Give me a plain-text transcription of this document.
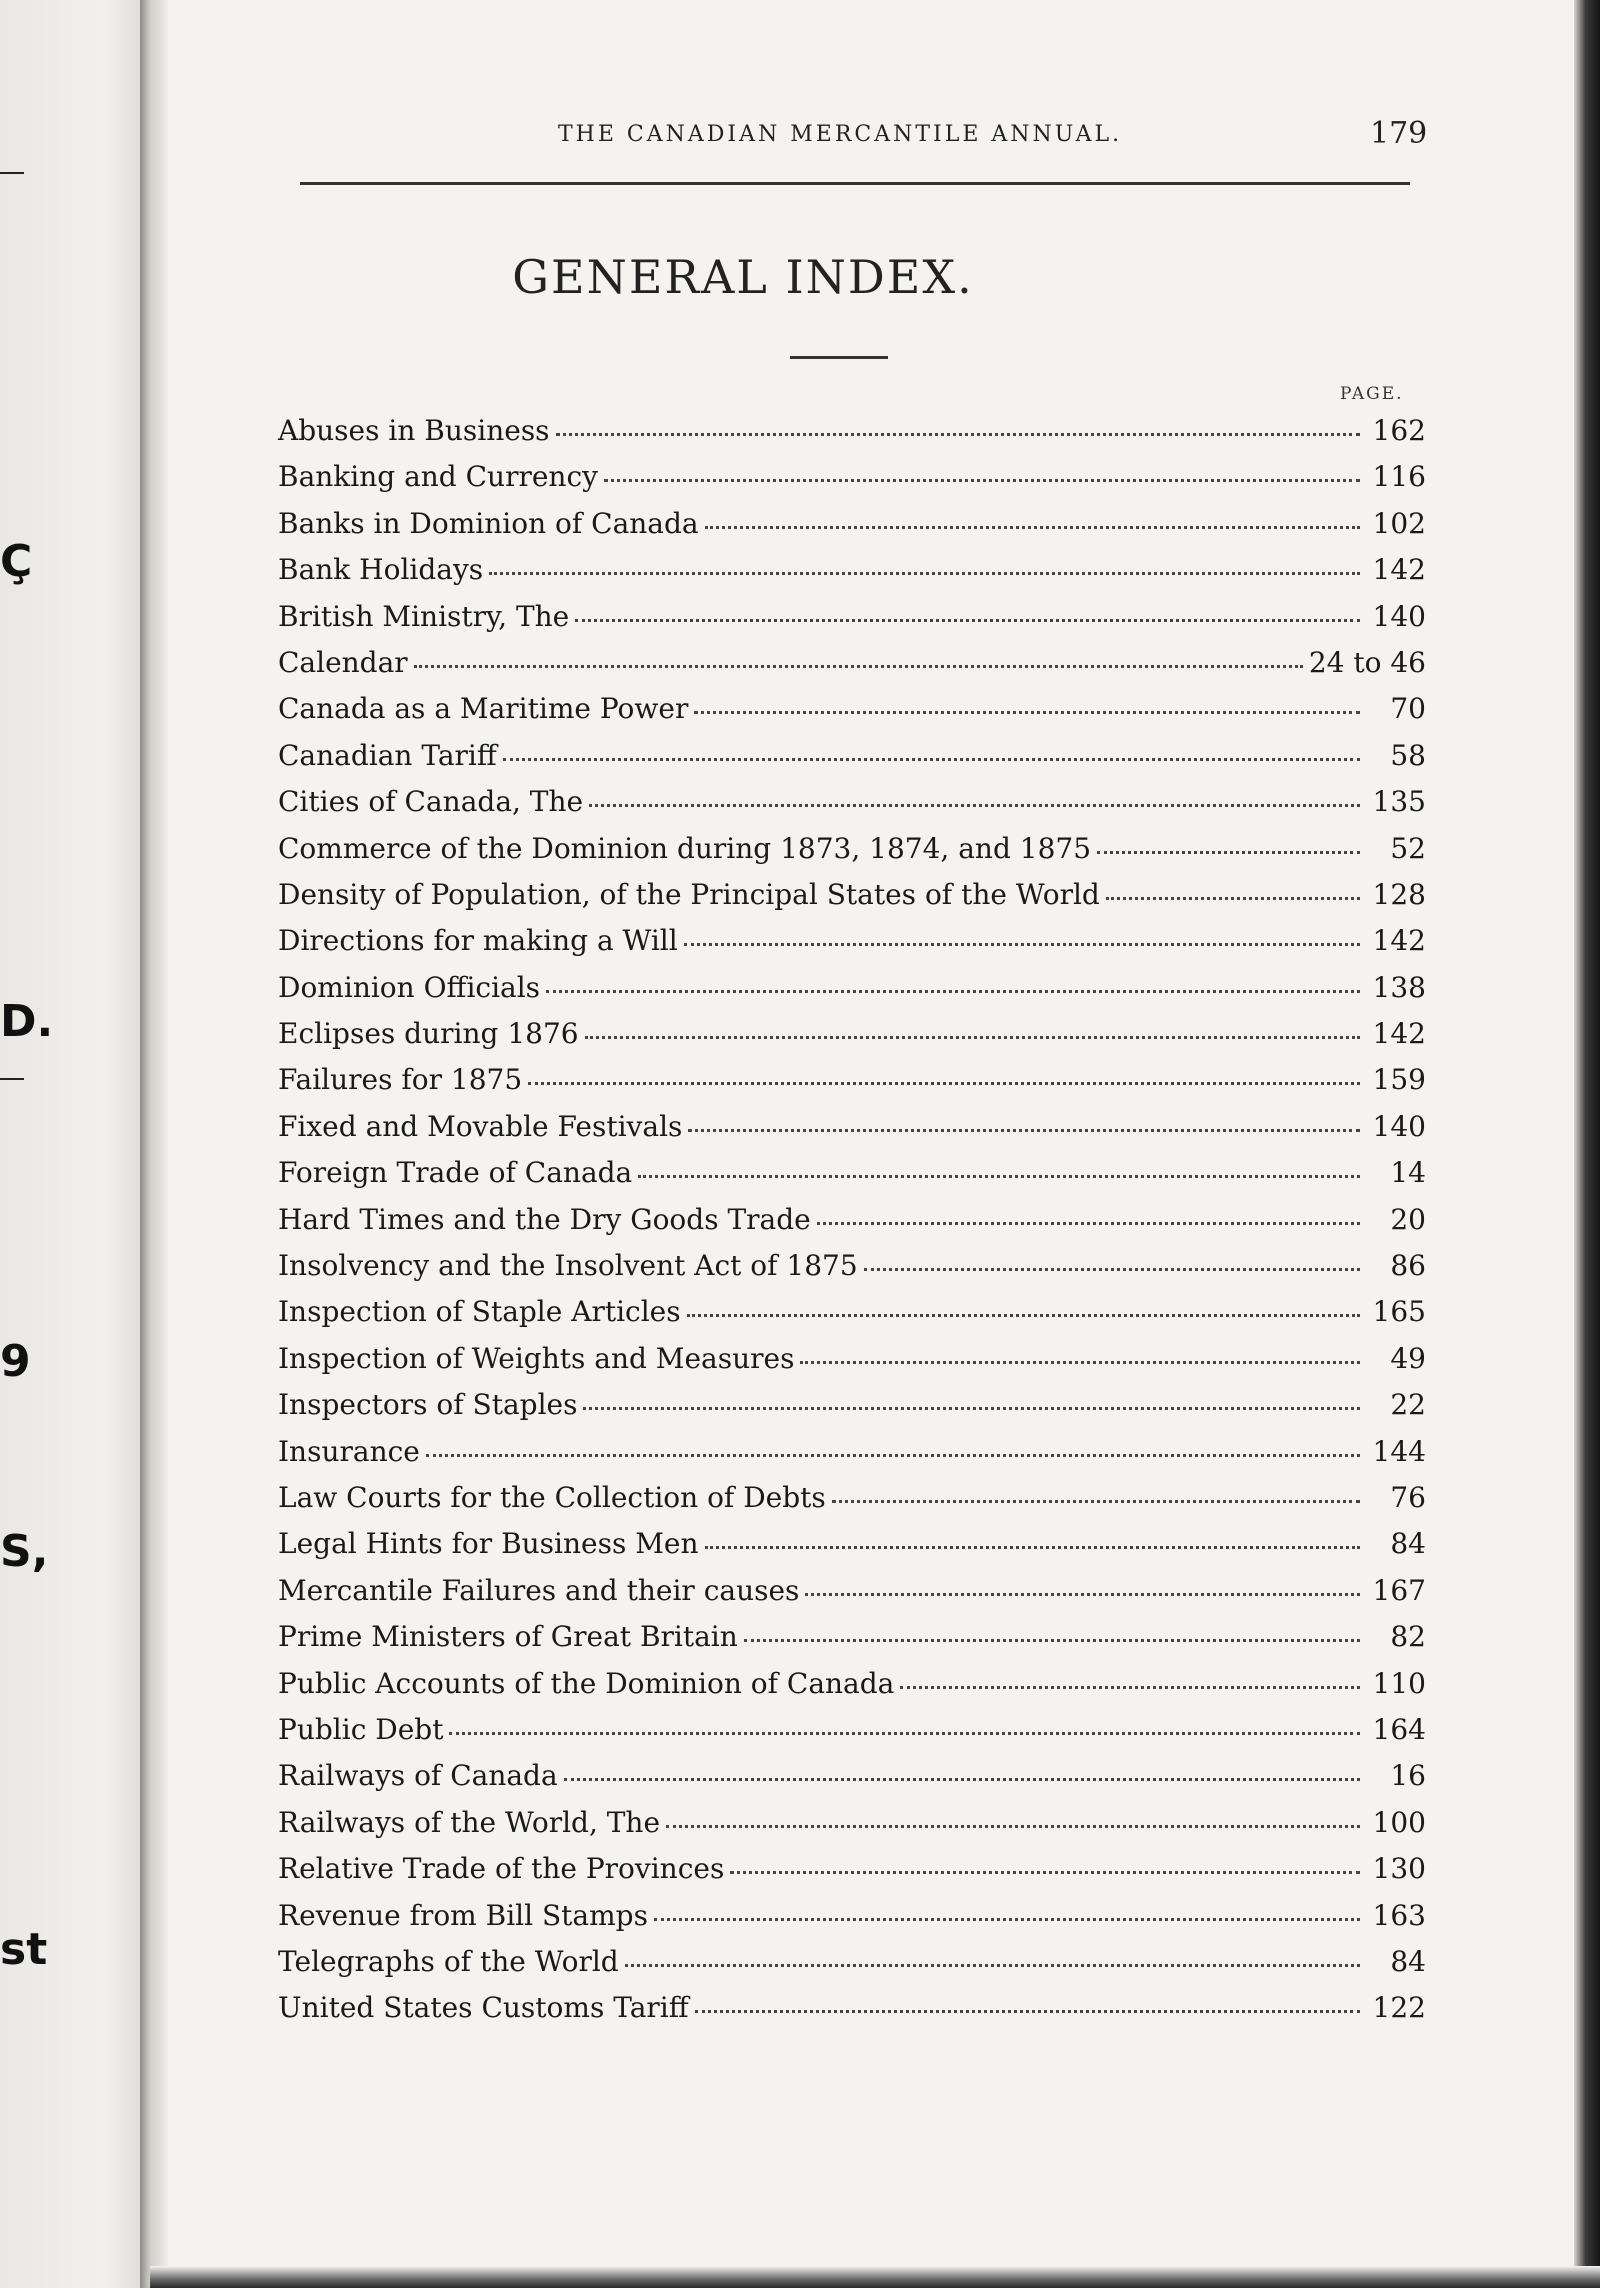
Ç
D.
9
S,
st
THE CANADIAN MERCANTILE ANNUAL.	179
GENERAL INDEX.
PAGE.
Abuses in Business	162
Banking and Currency	116
Banks in Dominion of Canada	102
Bank Holidays	142
British Ministry, The	140
Calendar	24 to 46
Canada as a Maritime Power	70
Canadian Tariff	58
Cities of Canada, The	135
Commerce of the Dominion during 1873, 1874, and 1875	52
Density of Population, of the Principal States of the World	128
Directions for making a Will	142
Dominion Officials	138
Eclipses during 1876	142
Failures for 1875	159
Fixed and Movable Festivals	140
Foreign Trade of Canada	14
Hard Times and the Dry Goods Trade	20
Insolvency and the Insolvent Act of 1875	86
Inspection of Staple Articles	165
Inspection of Weights and Measures	49
Inspectors of Staples	22
Insurance	144
Law Courts for the Collection of Debts	76
Legal Hints for Business Men	84
Mercantile Failures and their causes	167
Prime Ministers of Great Britain	82
Public Accounts of the Dominion of Canada	110
Public Debt	164
Railways of Canada	16
Railways of the World, The	100
Relative Trade of the Provinces	130
Revenue from Bill Stamps	163
Telegraphs of the World	84
United States Customs Tariff	122
